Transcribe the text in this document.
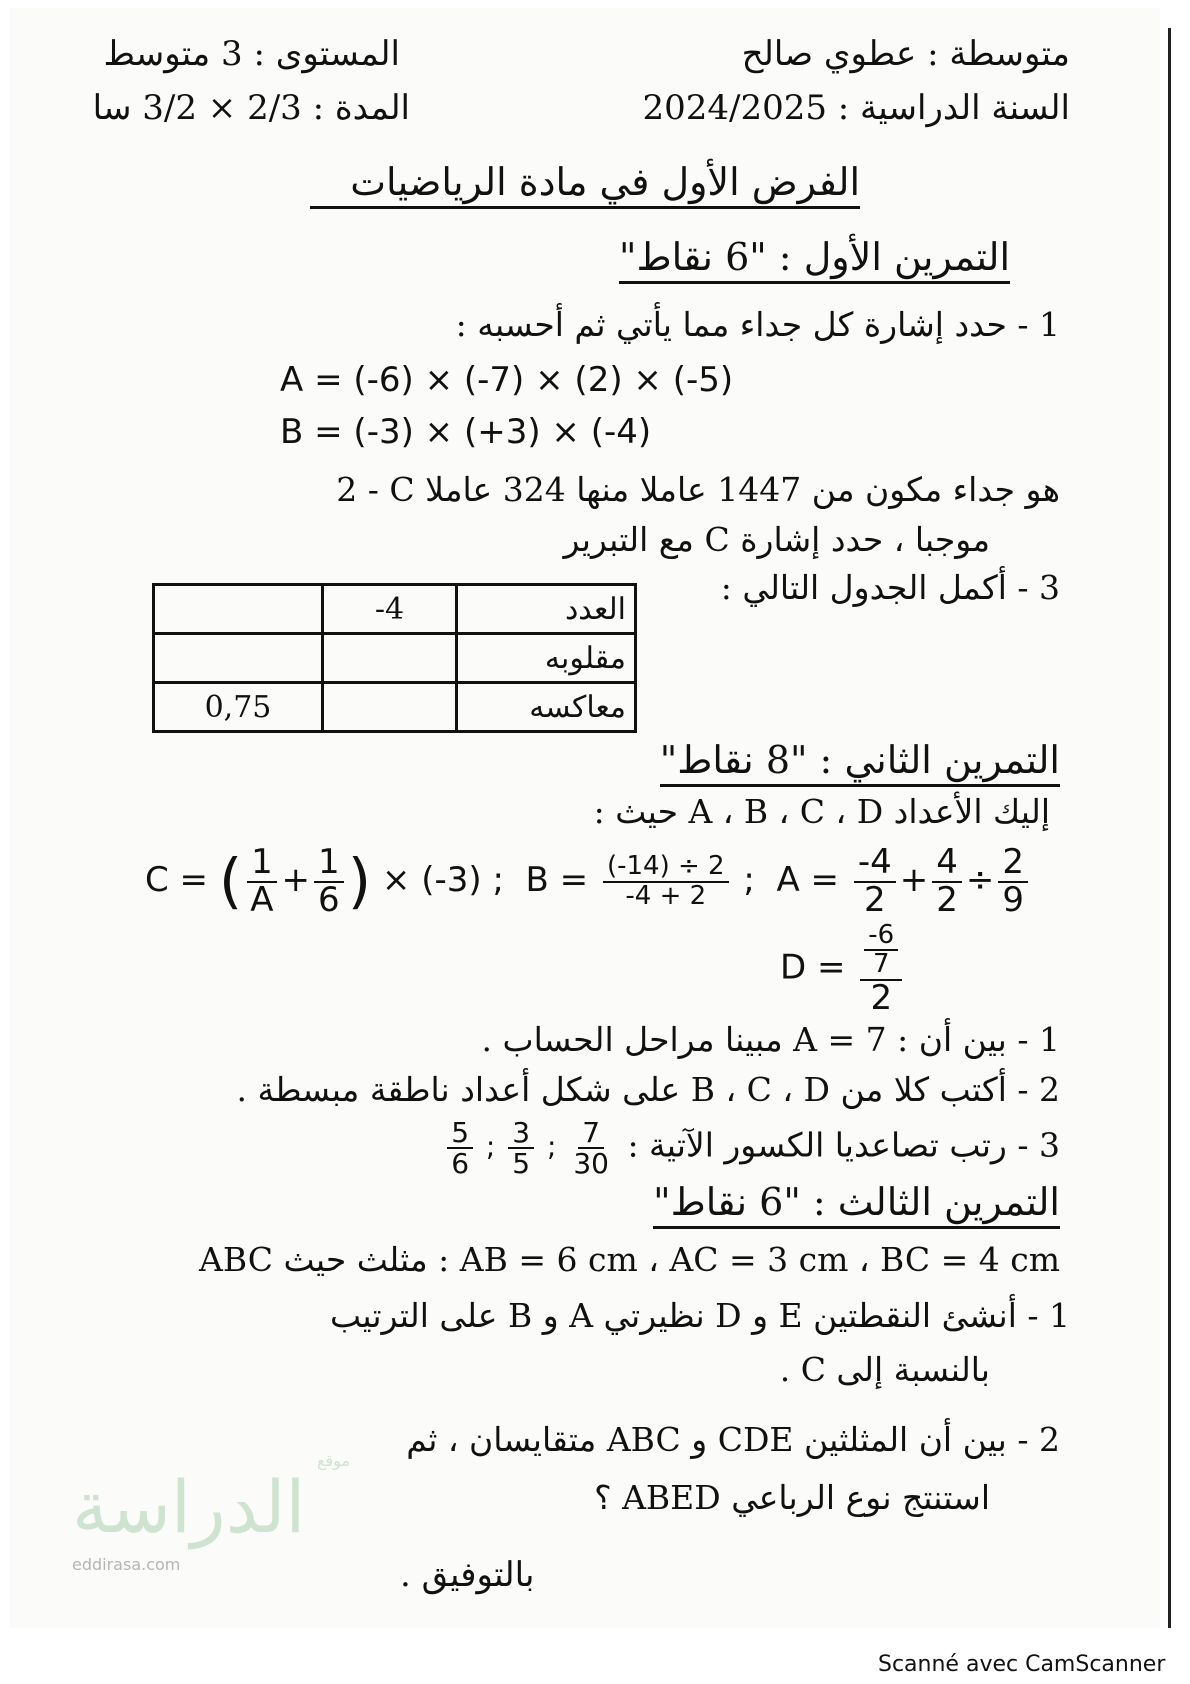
متوسطة : عطوي صالح
المستوى : 3 متوسط
السنة الدراسية : 2024/2025
المدة : 3/2 × 2/3 سا
الفرض الأول في مادة الرياضيات
التمرين الأول : "6 نقاط"
1 - حدد إشارة كل جداء مما يأتي ثم أحسبه :
A = (-6) × (-7) × (2) × (-5)
B = (-3) × (+3) × (-4)
2 - C هو جداء مكون من 1447 عاملا منها 324 عاملا
موجبا ، حدد إشارة C مع التبرير
3 - أكمل الجدول التالي :
	-4	العدد
		مقلوبه
0,75		معاكسه
التمرين الثاني : "8 نقاط"
إليك الأعداد A ، B ، C ، D حيث :
C = ( $\frac{1}{A} + \frac{1}{6}$ ) × (-3) ;  $B = \frac{(-14) \div 2}{-4 + 2}$ ;  $A = \frac{-4}{2} + \frac{4}{2} \div \frac{2}{9}$
$D = \frac{\frac{-6}{7}}{2}$
1 - بين أن : A = 7 مبينا مراحل الحساب .
2 - أكتب كلا من B ، C ، D على شكل أعداد ناطقة مبسطة .
3 - رتب تصاعديا الكسور الآتية :
$\frac{7}{30}$
;
$\frac{3}{5}$
;
$\frac{5}{6}$
التمرين الثالث : "6 نقاط"
ABC مثلث حيث : AB = 6 cm ، AC = 3 cm ، BC = 4 cm
1 - أنشئ النقطتين E و D نظيرتي A و B على الترتيب
بالنسبة إلى C .
2 - بين أن المثلثين CDE و ABC متقايسان ، ثم
استنتج نوع الرباعي ABED ؟
بالتوفيق .
موقع
الدراسة
eddirasa.com
Scanné avec CamScanner
